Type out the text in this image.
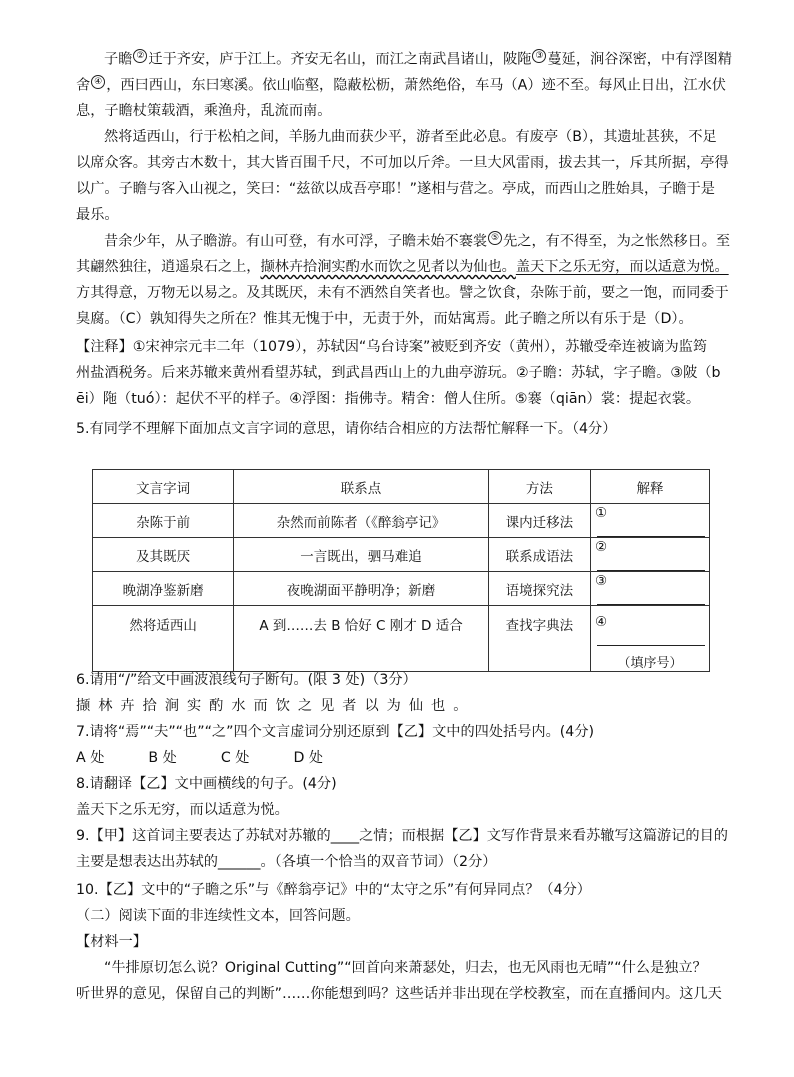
子瞻 ② 迁于齐安，庐于江上。齐安无名山，而江之南武昌诸山，陂陁 ③ 蔓延，涧谷深密，中有浮图精
舍 ④ ，西曰西山，东曰寒溪。依山临壑，隐蔽松枥，萧然绝俗，车马（A）迹不至。每风止日出，江水伏
息，子瞻杖策载酒，乘渔舟，乱流而南。
然将适西山，行于松柏之间，羊肠九曲而获少平，游者至此必息。有废亭（B），其遗址甚狭，不足
以席众客。其旁古木数十，其大皆百围千尺，不可加以斤斧。一旦大风雷雨，拔去其一，斥其所据，亭得
以广。子瞻与客入山视之，笑曰：“兹欲以成吾亭耶！”遂相与营之。亭成，而西山之胜始具，子瞻于是
最乐。
昔余少年，从子瞻游。有山可登，有水可浮，子瞻未始不褰裳 ⑤ 先之，有不得至，为之怅然移日。至
其翩然独往，逍遥泉石之上，撷林卉拾涧实酌水而饮之见者以为仙也。盖天下之乐无穷，而以适意为悦。
方其得意，万物无以易之。及其既厌，未有不洒然自笑者也。譬之饮食，杂陈于前，要之一饱，而同委于
臭腐。（C）孰知得失之所在？惟其无愧于中，无责于外，而姑寓焉。此子瞻之所以有乐于是（D）。
【注释】①宋神宗元丰二年（1079），苏轼因“乌台诗案”被贬到齐安（黄州），苏辙受牵连被谪为监筠
州盐酒税务。后来苏辙来黄州看望苏轼，到武昌西山上的九曲亭游玩。②子瞻：苏轼，字子瞻。③陂（b
ēi）陁（tuó）：起伏不平的样子。④浮图：指佛寺。精舍：僧人住所。⑤褰（qiān）裳：提起衣裳。
5.有同学不理解下面加点文言字词的意思，请你结合相应的方法帮忙解释一下。（4分）
文言字词	联系点	方法	解释
杂陈于前	杂然而前陈者（《醉翁亭记》	课内迁移法	①
及其既厌	一言既出，驷马难追	联系成语法	②
晚湖净鉴新磨	夜晚湖面平静明净；新磨	语境探究法	③
然将适西山	A 到……去 B 恰好 C 刚才 D 适合	查找字典法	④
（填序号）
6.请用“/”给文中画波浪线句子断句。(限 3 处)（3分）
撷林卉拾涧实酌水而饮之见者以为仙也。
7.请将“焉”“夫”“也”“之”四个文言虚词分别还原到【乙】文中的四处括号内。(4分)
A 处	B 处	C 处	D 处
8.请翻译【乙】文中画横线的句子。(4分)
盖天下之乐无穷，而以适意为悦。
9.【甲】这首词主要表达了苏轼对苏辙的____之情；而根据【乙】文写作背景来看苏辙写这篇游记的目的
主要是想表达出苏轼的______。（各填一个恰当的双音节词）（2分）
10.【乙】文中的“子瞻之乐”与《醉翁亭记》中的“太守之乐”有何异同点？（4分）
（二）阅读下面的非连续性文本，回答问题。
【材料一】
“牛排原切怎么说？Original Cutting”“回首向来萧瑟处，归去，也无风雨也无晴”“什么是独立？
听世界的意见，保留自己的判断”……你能想到吗？这些话并非出现在学校教室，而在直播间内。这几天
